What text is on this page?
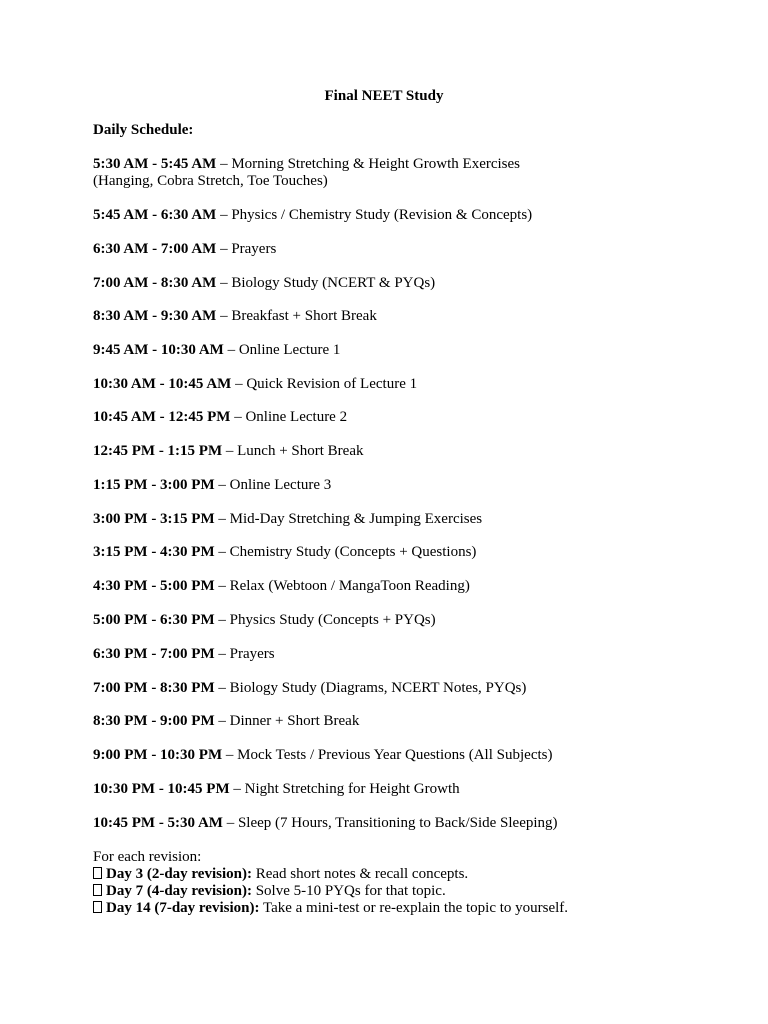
Final NEET Study
Daily Schedule:
5:30 AM - 5:45 AM – Morning Stretching & Height Growth Exercises
(Hanging, Cobra Stretch, Toe Touches)
5:45 AM - 6:30 AM – Physics / Chemistry Study (Revision & Concepts)
6:30 AM - 7:00 AM – Prayers
7:00 AM - 8:30 AM – Biology Study (NCERT & PYQs)
8:30 AM - 9:30 AM – Breakfast + Short Break
9:45 AM - 10:30 AM – Online Lecture 1
10:30 AM - 10:45 AM – Quick Revision of Lecture 1
10:45 AM - 12:45 PM – Online Lecture 2
12:45 PM - 1:15 PM – Lunch + Short Break
1:15 PM - 3:00 PM – Online Lecture 3
3:00 PM - 3:15 PM – Mid-Day Stretching & Jumping Exercises
3:15 PM - 4:30 PM – Chemistry Study (Concepts + Questions)
4:30 PM - 5:00 PM – Relax (Webtoon / MangaToon Reading)
5:00 PM - 6:30 PM – Physics Study (Concepts + PYQs)
6:30 PM - 7:00 PM – Prayers
7:00 PM - 8:30 PM – Biology Study (Diagrams, NCERT Notes, PYQs)
8:30 PM - 9:00 PM – Dinner + Short Break
9:00 PM - 10:30 PM – Mock Tests / Previous Year Questions (All Subjects)
10:30 PM - 10:45 PM – Night Stretching for Height Growth
10:45 PM - 5:30 AM – Sleep (7 Hours, Transitioning to Back/Side Sleeping)
For each revision:
Day 3 (2-day revision): Read short notes & recall concepts.
Day 7 (4-day revision): Solve 5-10 PYQs for that topic.
Day 14 (7-day revision): Take a mini-test or re-explain the topic to yourself.
